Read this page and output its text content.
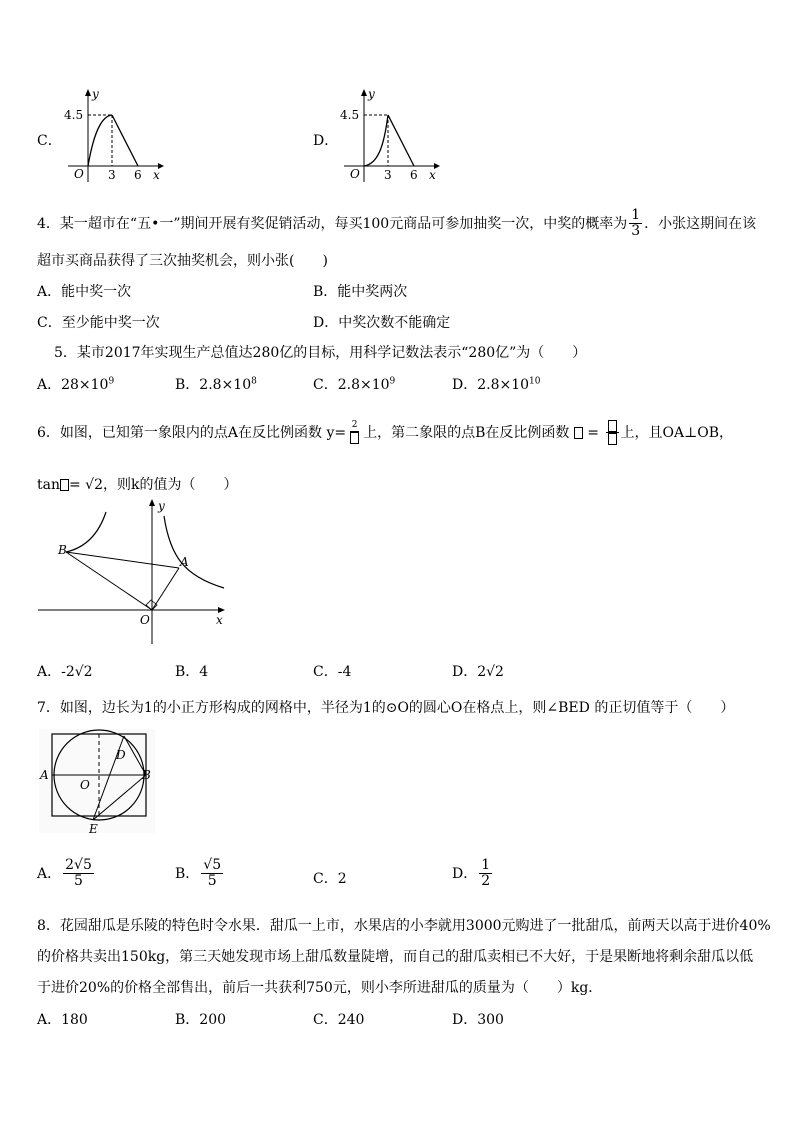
C．
y
4.5
O 3 6 x
D．
y
4.5
O 3 6 x
4．某一超市在“五•一”期间开展有奖促销活动，每买100元商品可参加抽奖一次，中奖的概率为 $\frac{1}{3}$ ．小张这期间在该
超市买商品获得了三次抽奖机会，则小张(　　)
A．能中奖一次	B．能中奖两次
C．至少能中奖一次	D．中奖次数不能确定
5．某市2017年实现生产总值达280亿的目标，用科学记数法表示“280亿”为（　　）
A．$28\times 10^9$	B．$2.8\times 10^8$	C．$2.8\times 10^9$	D．$2.8\times 10^{10}$
6．如图，已知第一象限内的点A在反比例函数 y= 2 上，第二象限的点B在反比例函数  =
上，且OA⊥OB，
tan = √2，则k的值为（　　）
y
x
O
A
B
A．-2√2	B．4	C．-4	D．2√2
7．如图，边长为1的小正方形构成的网格中，半径为1的⊙O的圆心O在格点上，则∠BED 的正切值等于（　　）
A	B
D
O
E
A． $\frac{2√5}{5}$	B． $\frac{√5}{5}$	C．2	D． $\frac{1}{2}$
8．花园甜瓜是乐陵的特色时令水果．甜瓜一上市，水果店的小李就用3000元购进了一批甜瓜，前两天以高于进价40%
的价格共卖出150kg，第三天她发现市场上甜瓜数量陡增，而自己的甜瓜卖相已不大好，于是果断地将剩余甜瓜以低
于进价20%的价格全部售出，前后一共获利750元，则小李所进甜瓜的质量为（　　）kg．
A．180	B．200	C．240	D．300
